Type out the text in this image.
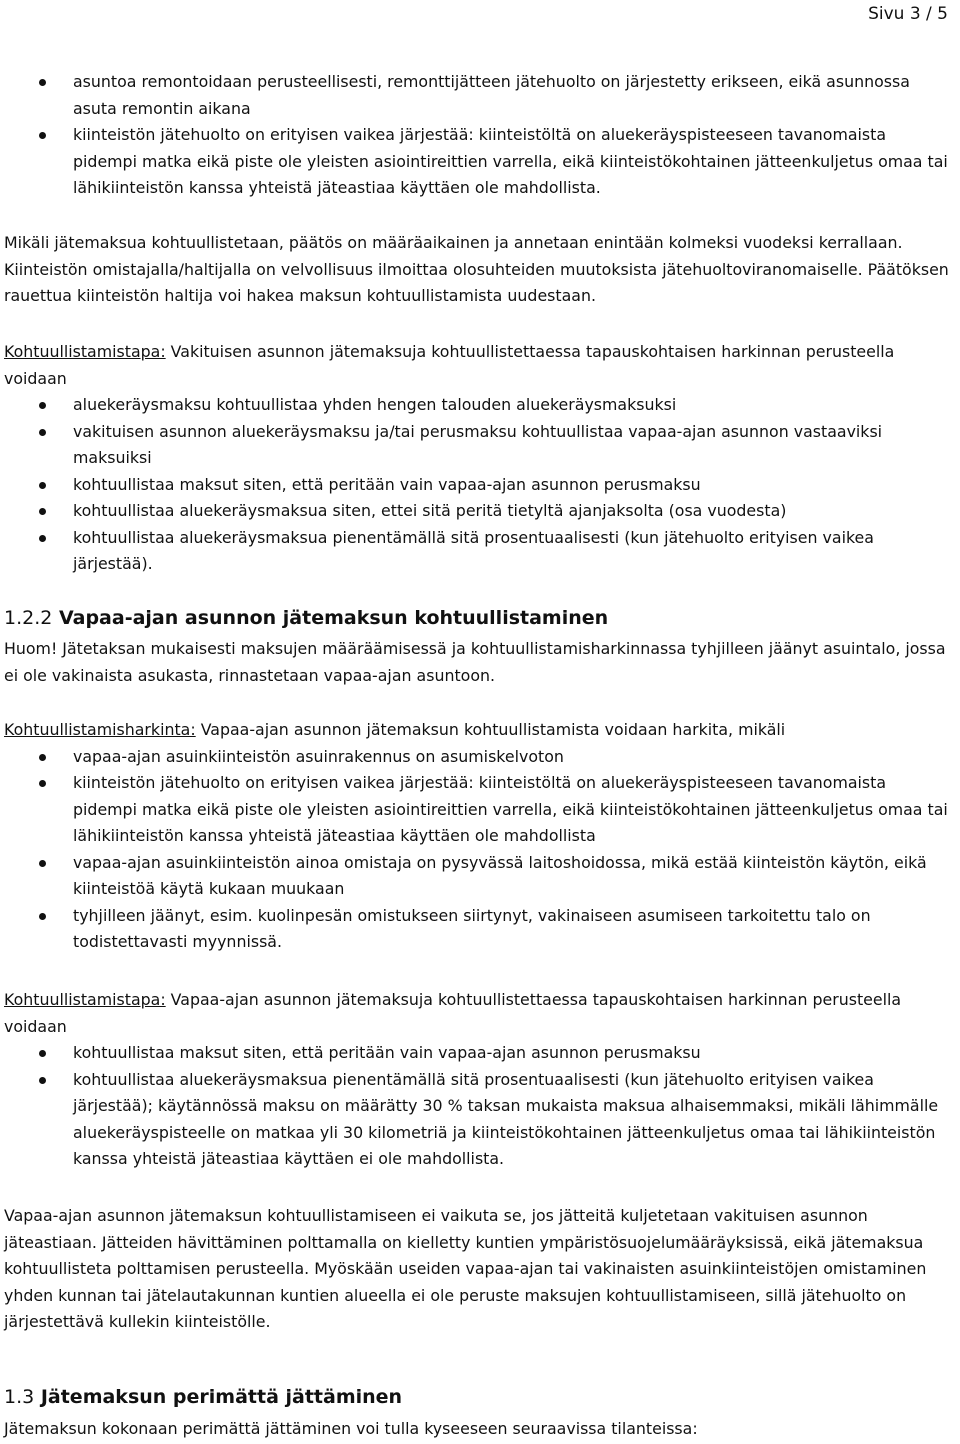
Sivu 3 / 5
asuntoa remontoidaan perusteellisesti, remonttijätteen jätehuolto on järjestetty erikseen, eikä asunnossa asuta remontin aikana
kiinteistön jätehuolto on erityisen vaikea järjestää: kiinteistöltä on aluekeräyspisteeseen tavanomaista pidempi matka eikä piste ole yleisten asiointireittien varrella, eikä kiinteistökohtainen jätteenkuljetus omaa tai lähikiinteistön kanssa yhteistä jäteastiaa käyttäen ole mahdollista.

Mikäli jätemaksua kohtuullistetaan, päätös on määräaikainen ja annetaan enintään kolmeksi vuodeksi kerrallaan. Kiinteistön omistajalla/haltijalla on velvollisuus ilmoittaa olosuhteiden muutoksista jätehuoltoviranomaiselle. Päätöksen rauettua kiinteistön haltija voi hakea maksun kohtuullistamista uudestaan.

Kohtuullistamistapa: Vakituisen asunnon jätemaksuja kohtuullistettaessa tapauskohtaisen harkinnan perusteella voidaan

aluekeräysmaksu kohtuullistaa yhden hengen talouden aluekeräysmaksuksi
vakituisen asunnon aluekeräysmaksu ja/tai perusmaksu kohtuullistaa vapaa-ajan asunnon vastaaviksi maksuiksi
kohtuullistaa maksut siten, että peritään vain vapaa-ajan asunnon perusmaksu
kohtuullistaa aluekeräysmaksua siten, ettei sitä peritä tietyltä ajanjaksolta (osa vuodesta)
kohtuullistaa aluekeräysmaksua pienentämällä sitä prosentuaalisesti (kun jätehuolto erityisen vaikea järjestää).

1.2.2 Vapaa-ajan asunnon jätemaksun kohtuullistaminen

Huom! Jätetaksan mukaisesti maksujen määräämisessä ja kohtuullistamisharkinnassa tyhjilleen jäänyt asuintalo, jossa ei ole vakinaista asukasta, rinnastetaan vapaa-ajan asuntoon.

Kohtuullistamisharkinta: Vapaa-ajan asunnon jätemaksun kohtuullistamista voidaan harkita, mikäli

vapaa-ajan asuinkiinteistön asuinrakennus on asumiskelvoton
kiinteistön jätehuolto on erityisen vaikea järjestää: kiinteistöltä on aluekeräyspisteeseen tavanomaista pidempi matka eikä piste ole yleisten asiointireittien varrella, eikä kiinteistökohtainen jätteenkuljetus omaa tai lähikiinteistön kanssa yhteistä jäteastiaa käyttäen ole mahdollista
vapaa-ajan asuinkiinteistön ainoa omistaja on pysyvässä laitoshoidossa, mikä estää kiinteistön käytön, eikä kiinteistöä käytä kukaan muukaan
tyhjilleen jäänyt, esim. kuolinpesän omistukseen siirtynyt, vakinaiseen asumiseen tarkoitettu talo on todistettavasti myynnissä.

Kohtuullistamistapa: Vapaa-ajan asunnon jätemaksuja kohtuullistettaessa tapauskohtaisen harkinnan perusteella voidaan

kohtuullistaa maksut siten, että peritään vain vapaa-ajan asunnon perusmaksu
kohtuullistaa aluekeräysmaksua pienentämällä sitä prosentuaalisesti (kun jätehuolto erityisen vaikea järjestää); käytännössä maksu on määrätty 30 % taksan mukaista maksua alhaisemmaksi, mikäli lähimmälle aluekeräyspisteelle on matkaa yli 30 kilometriä ja kiinteistökohtainen jätteenkuljetus omaa tai lähikiinteistön kanssa yhteistä jäteastiaa käyttäen ei ole mahdollista.

Vapaa-ajan asunnon jätemaksun kohtuullistamiseen ei vaikuta se, jos jätteitä kuljetetaan vakituisen asunnon jäteastiaan. Jätteiden hävittäminen polttamalla on kielletty kuntien ympäristösuojelumääräyksissä, eikä jätemaksua kohtuullisteta polttamisen perusteella. Myöskään useiden vapaa-ajan tai vakinaisten asuinkiinteistöjen omistaminen yhden kunnan tai jätelautakunnan kuntien alueella ei ole peruste maksujen kohtuullistamiseen, sillä jätehuolto on järjestettävä kullekin kiinteistölle.

1.3 Jätemaksun perimättä jättäminen

Jätemaksun kokonaan perimättä jättäminen voi tulla kyseeseen seuraavissa tilanteissa:
